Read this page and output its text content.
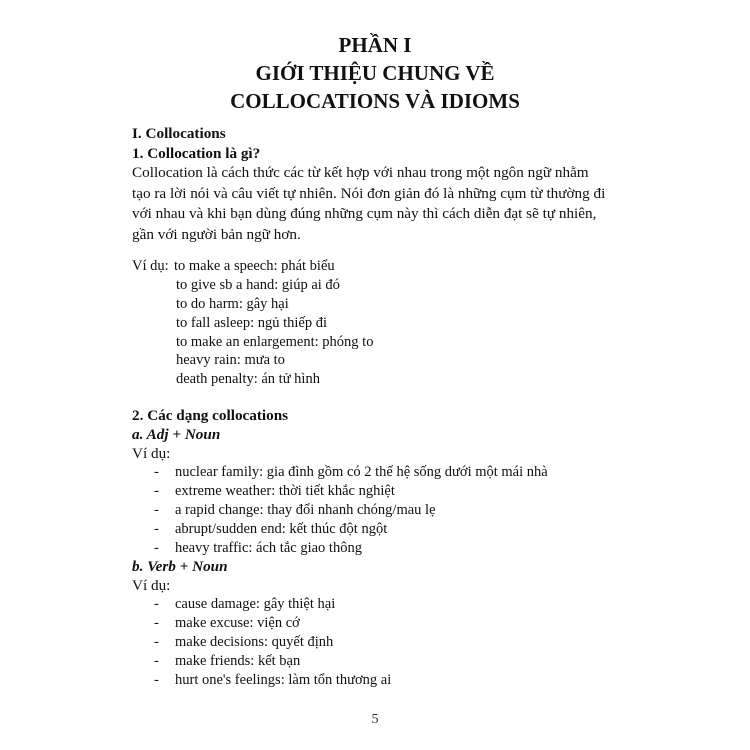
PHẦN I
GIỚI THIỆU CHUNG VỀ
COLLOCATIONS VÀ IDIOMS
I. Collocations
1. Collocation là gì?
Collocation là cách thức các từ kết hợp với nhau trong một ngôn ngữ nhằm
tạo ra lời nói và câu viết tự nhiên. Nói đơn giản đó là những cụm từ thường đi
với nhau và khi bạn dùng đúng những cụm này thì cách diễn đạt sẽ tự nhiên,
gần với người bản ngữ hơn.
Ví dụ: to make a speech: phát biểu
to give sb a hand: giúp ai đó
to do harm: gây hại
to fall asleep: ngủ thiếp đi
to make an enlargement: phóng to
heavy rain: mưa to
death penalty: án tử hình
2. Các dạng collocations
a. Adj + Noun
Ví dụ:
- nuclear family: gia đình gồm có 2 thế hệ sống dưới một mái nhà
- extreme weather: thời tiết khắc nghiệt
- a rapid change: thay đổi nhanh chóng/mau lẹ
- abrupt/sudden end: kết thúc đột ngột
- heavy traffic: ách tắc giao thông
b. Verb + Noun
Ví dụ:
- cause damage: gây thiệt hại
- make excuse: viện cớ
- make decisions: quyết định
- make friends: kết bạn
- hurt one's feelings: làm tổn thương ai
5
